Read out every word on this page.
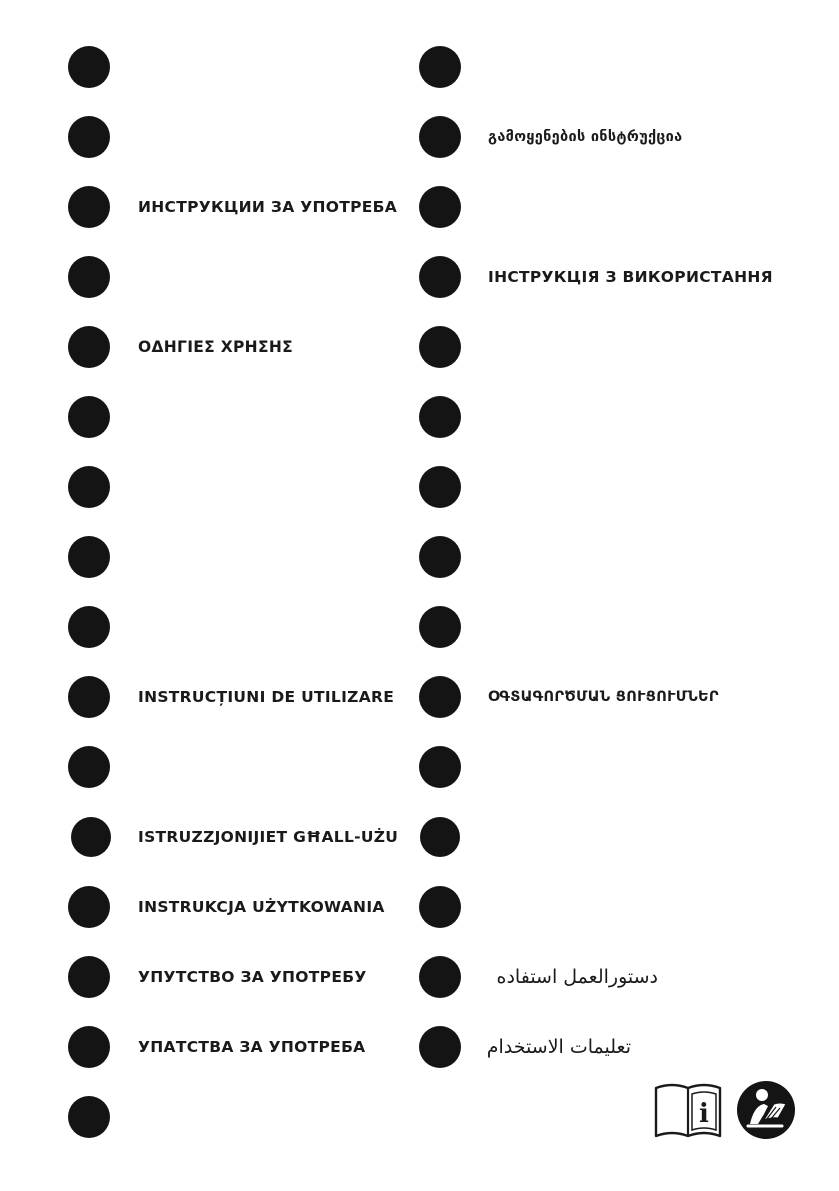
ИНСТРУКЦИИ ЗА УПОТРЕБА
ΟΔΗΓΙΕΣ ΧΡΗΣΗΣ
INSTRUCȚIUNI DE UTILIZARE
ISTRUZZJONIJIET GĦALL-UŻU
INSTRUKCJA UŻYTKOWANIA
УПУТСТВО ЗА УПОТРЕБУ
УПАТСТВА ЗА УПОТРЕБА
გამოყენების ინსტრუქცია
ІНСТРУКЦІЯ З ВИКОРИСТАННЯ
ՕԳՏԱԳՈՐԾՄԱՆ ՑՈՒՑՈՒՄՆԵՐ
دستورالعمل استفاده
تعليمات الاستخدام
i
